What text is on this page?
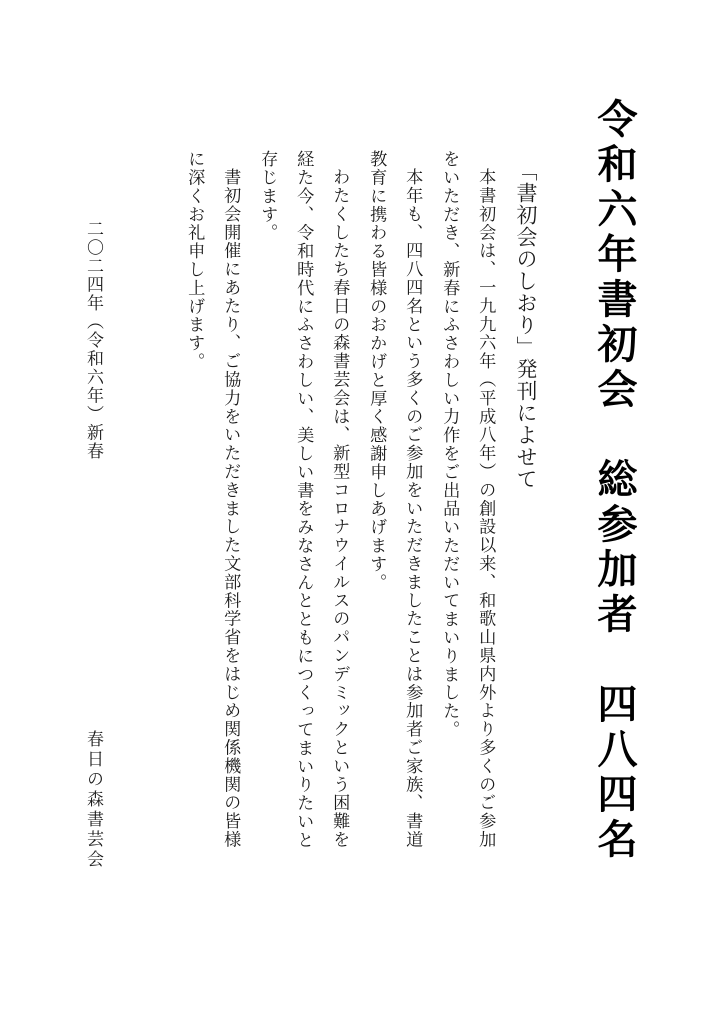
令和六年書初会　総参加者　四八四名
「書初会のしおり」発刊によせて
本書初会は、一九九六年（平成八年）の創設以来、和歌山県内外より多くのご参加
をいただき、新春にふさわしい力作をご出品いただいてまいりました。
本年も、四八四名という多くのご参加をいただきましたことは参加者ご家族、書道
教育に携わる皆様のおかげと厚く感謝申しあげます。
わたくしたち春日の森書芸会は、新型コロナウイルスのパンデミックという困難を
経た今、令和時代にふさわしい、美しい書をみなさんとともにつくってまいりたいと
存じます。
書初会開催にあたり、ご協力をいただきました文部科学省をはじめ関係機関の皆様
に深くお礼申し上げます。
二〇二四年（令和六年）新春
春日の森書芸会
